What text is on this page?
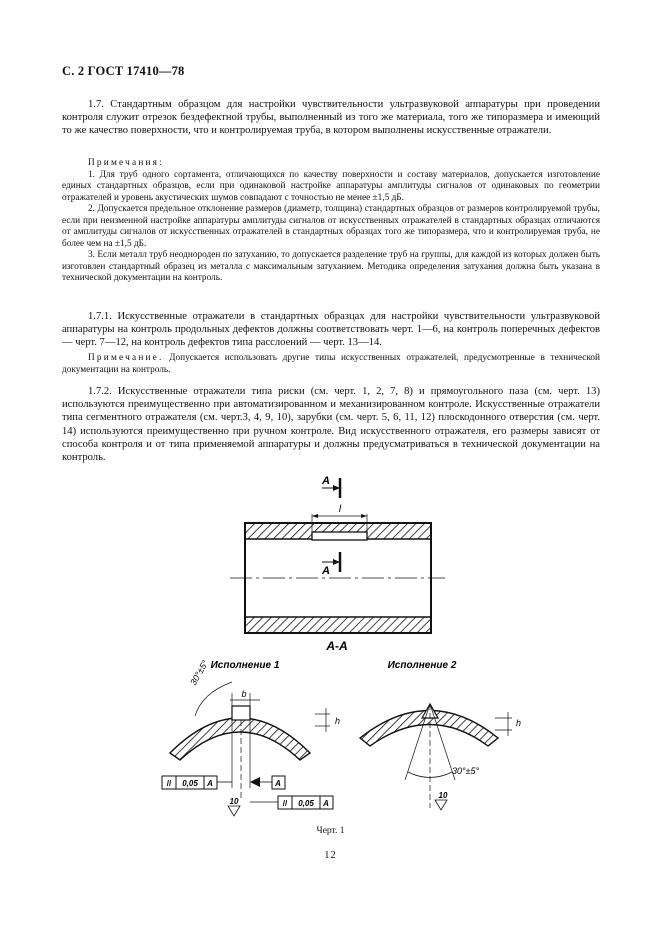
С. 2 ГОСТ 17410—78

1.7. Стандартным образцом для настройки чувствительности ультразвуковой аппаратуры при проведении контроля служит отрезок бездефектной трубы, выполненный из того же материала, того же типоразмера и имеющий то же качество поверхности, что и контролируемая труба, в котором выполнены искусственные отражатели.

Примечания:

1. Для труб одного сортамента, отличающихся по качеству поверхности и составу материалов, допускается изготовление единых стандартных образцов, если при одинаковой настройке аппаратуры амплитуды сигналов от одинаковых по геометрии отражателей и уровень акустических шумов совпадают с точностью не менее ±1,5 дБ.

2. Допускается предельное отклонение размеров (диаметр, толщина) стандартных образцов от размеров контролируемой трубы, если при неизменной настройке аппаратуры амплитуды сигналов от искусственных отражателей в стандартных образцах отличаются от амплитуды сигналов от искусственных отражателей в стандартных образцах того же типоразмера, что и контролируемая труба, не более чем на ±1,5 дБ.

3. Если металл труб неоднороден по затуханию, то допускается разделение труб на группы, для каждой из которых должен быть изготовлен стандартный образец из металла с максимальным затуханием. Методика определения затухания должна быть указана в технической документации на контроль.

1.7.1. Искусственные отражатели в стандартных образцах для настройки чувствительности ультразвуковой аппаратуры на контроль продольных дефектов должны соответствовать черт. 1—6, на контроль поперечных дефектов — черт. 7—12, на контроль дефектов типа расслоений — черт. 13—14.

Примечание. Допускается использовать другие типы искусственных отражателей, предусмотренные в технической документации на контроль.

1.7.2. Искусственные отражатели типа риски (см. черт. 1, 2, 7, 8) и прямоугольного паза (см. черт. 13) используются преимущественно при автоматизированном и механизированном контроле. Искусственные отражатели типа сегментного отражателя (см. черт.3, 4, 9, 10), зарубки (см. черт. 5, 6, 11, 12) плоскодонного отверстия (см. черт. 14) используются преимущественно при ручном контроле. Вид искусственного отражателя, его размеры зависят от способа контроля и от типа применяемой аппаратуры и должны предусматриваться в технической документации на контроль.

l
А
А
А-А
Исполнение 1
b
h
30°±5°
// 0,05 А	А
10	// 0,05 А
Исполнение 2
30°±5°
h
10
Черт. 1
12
